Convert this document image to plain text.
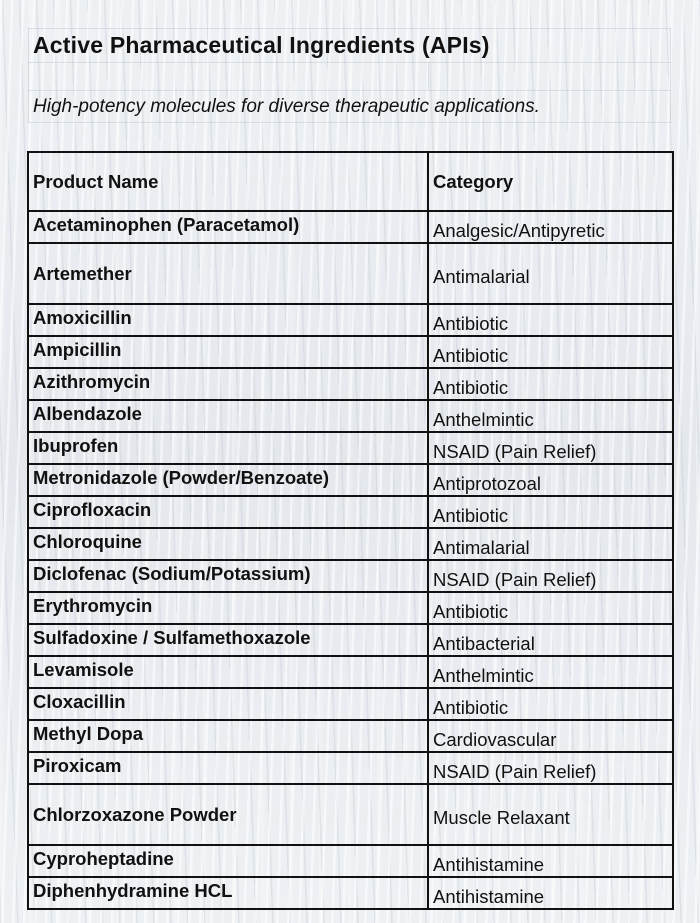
Active Pharmaceutical Ingredients (APIs)

High-potency molecules for diverse therapeutic applications.

Product Name	Category
Acetaminophen (Paracetamol)	Analgesic/Antipyretic
Artemether	Antimalarial
Amoxicillin	Antibiotic
Ampicillin	Antibiotic
Azithromycin	Antibiotic
Albendazole	Anthelmintic
Ibuprofen	NSAID (Pain Relief)
Metronidazole (Powder/Benzoate)	Antiprotozoal
Ciprofloxacin	Antibiotic
Chloroquine	Antimalarial
Diclofenac (Sodium/Potassium)	NSAID (Pain Relief)
Erythromycin	Antibiotic
Sulfadoxine / Sulfamethoxazole	Antibacterial
Levamisole	Anthelmintic
Cloxacillin	Antibiotic
Methyl Dopa	Cardiovascular
Piroxicam	NSAID (Pain Relief)
Chlorzoxazone Powder	Muscle Relaxant
Cyproheptadine	Antihistamine
Diphenhydramine HCL	Antihistamine
